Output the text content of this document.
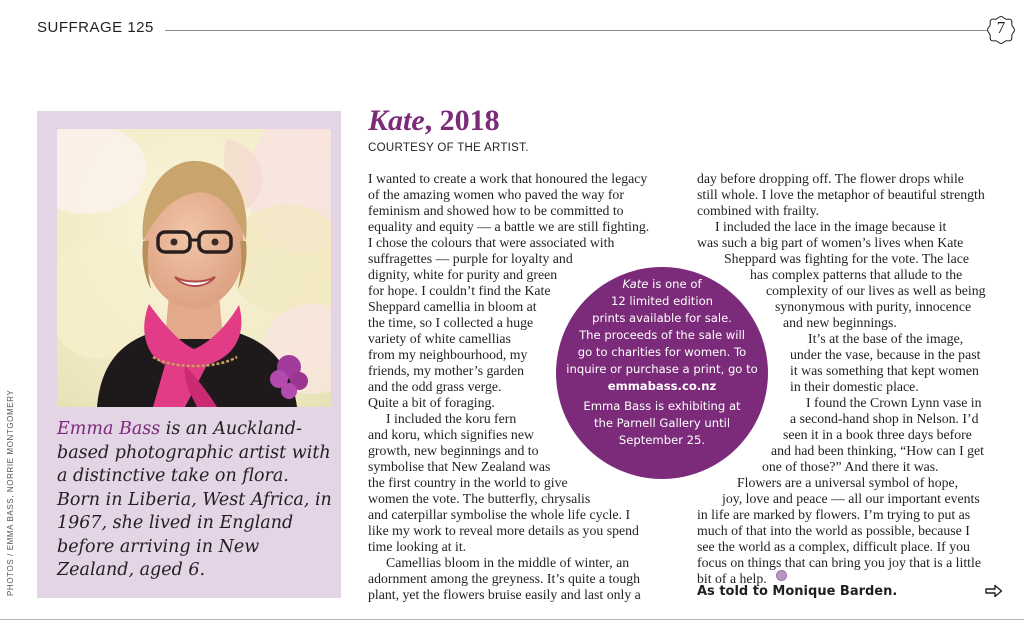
SUFFRAGE 125	7
PHOTOS / EMMA BASS, NORRIE MONTGOMERY Emma Bass is an Auckland-based photographic artist with a distinctive take on flora. Born in Liberia, West Africa, in 1967, she lived in England before arriving in New Zealand, aged 6.
Kate, 2018
COURTESY OF THE ARTIST.
I wanted to create a work that honoured the legacy
of the amazing women who paved the way for
feminism and showed how to be committed to
equality and equity — a battle we are still fighting.
I chose the colours that were associated with
suffragettes — purple for loyalty and
dignity, white for purity and green
for hope. I couldn’t find the Kate
Sheppard camellia in bloom at
the time, so I collected a huge
variety of white camellias
from my neighbourhood, my
friends, my mother’s garden
and the odd grass verge.
Quite a bit of foraging.
I included the koru fern
and koru, which signifies new
growth, new beginnings and to
symbolise that New Zealand was
the first country in the world to give
women the vote. The butterfly, chrysalis
and caterpillar symbolise the whole life cycle. I
like my work to reveal more details as you spend
time looking at it.
Camellias bloom in the middle of winter, an
adornment among the greyness. It’s quite a tough
plant, yet the flowers bruise easily and last only a
day before dropping off. The flower drops while
still whole. I love the metaphor of beautiful strength
combined with frailty.
I included the lace in the image because it
was such a big part of women’s lives when Kate
Sheppard was fighting for the vote. The lace
has complex patterns that allude to the
complexity of our lives as well as being
synonymous with purity, innocence
and new beginnings.
It’s at the base of the image,
under the vase, because in the past
it was something that kept women
in their domestic place.
I found the Crown Lynn vase in
a second-hand shop in Nelson. I’d
seen it in a book three days before
and had been thinking, “How can I get
one of those?” And there it was.
Flowers are a universal symbol of hope,
joy, love and peace — all our important events
in life are marked by flowers. I’m trying to put as
much of that into the world as possible, because I
see the world as a complex, difficult place. If you
focus on things that can bring you joy that is a little
bit of a help.
As told to Monique Barden.
Kate is one of
12 limited edition
prints available for sale.
The proceeds of the sale will
go to charities for women. To
inquire or purchase a print, go to
emmabass.co.nz
Emma Bass is exhibiting at
the Parnell Gallery until
September 25.
